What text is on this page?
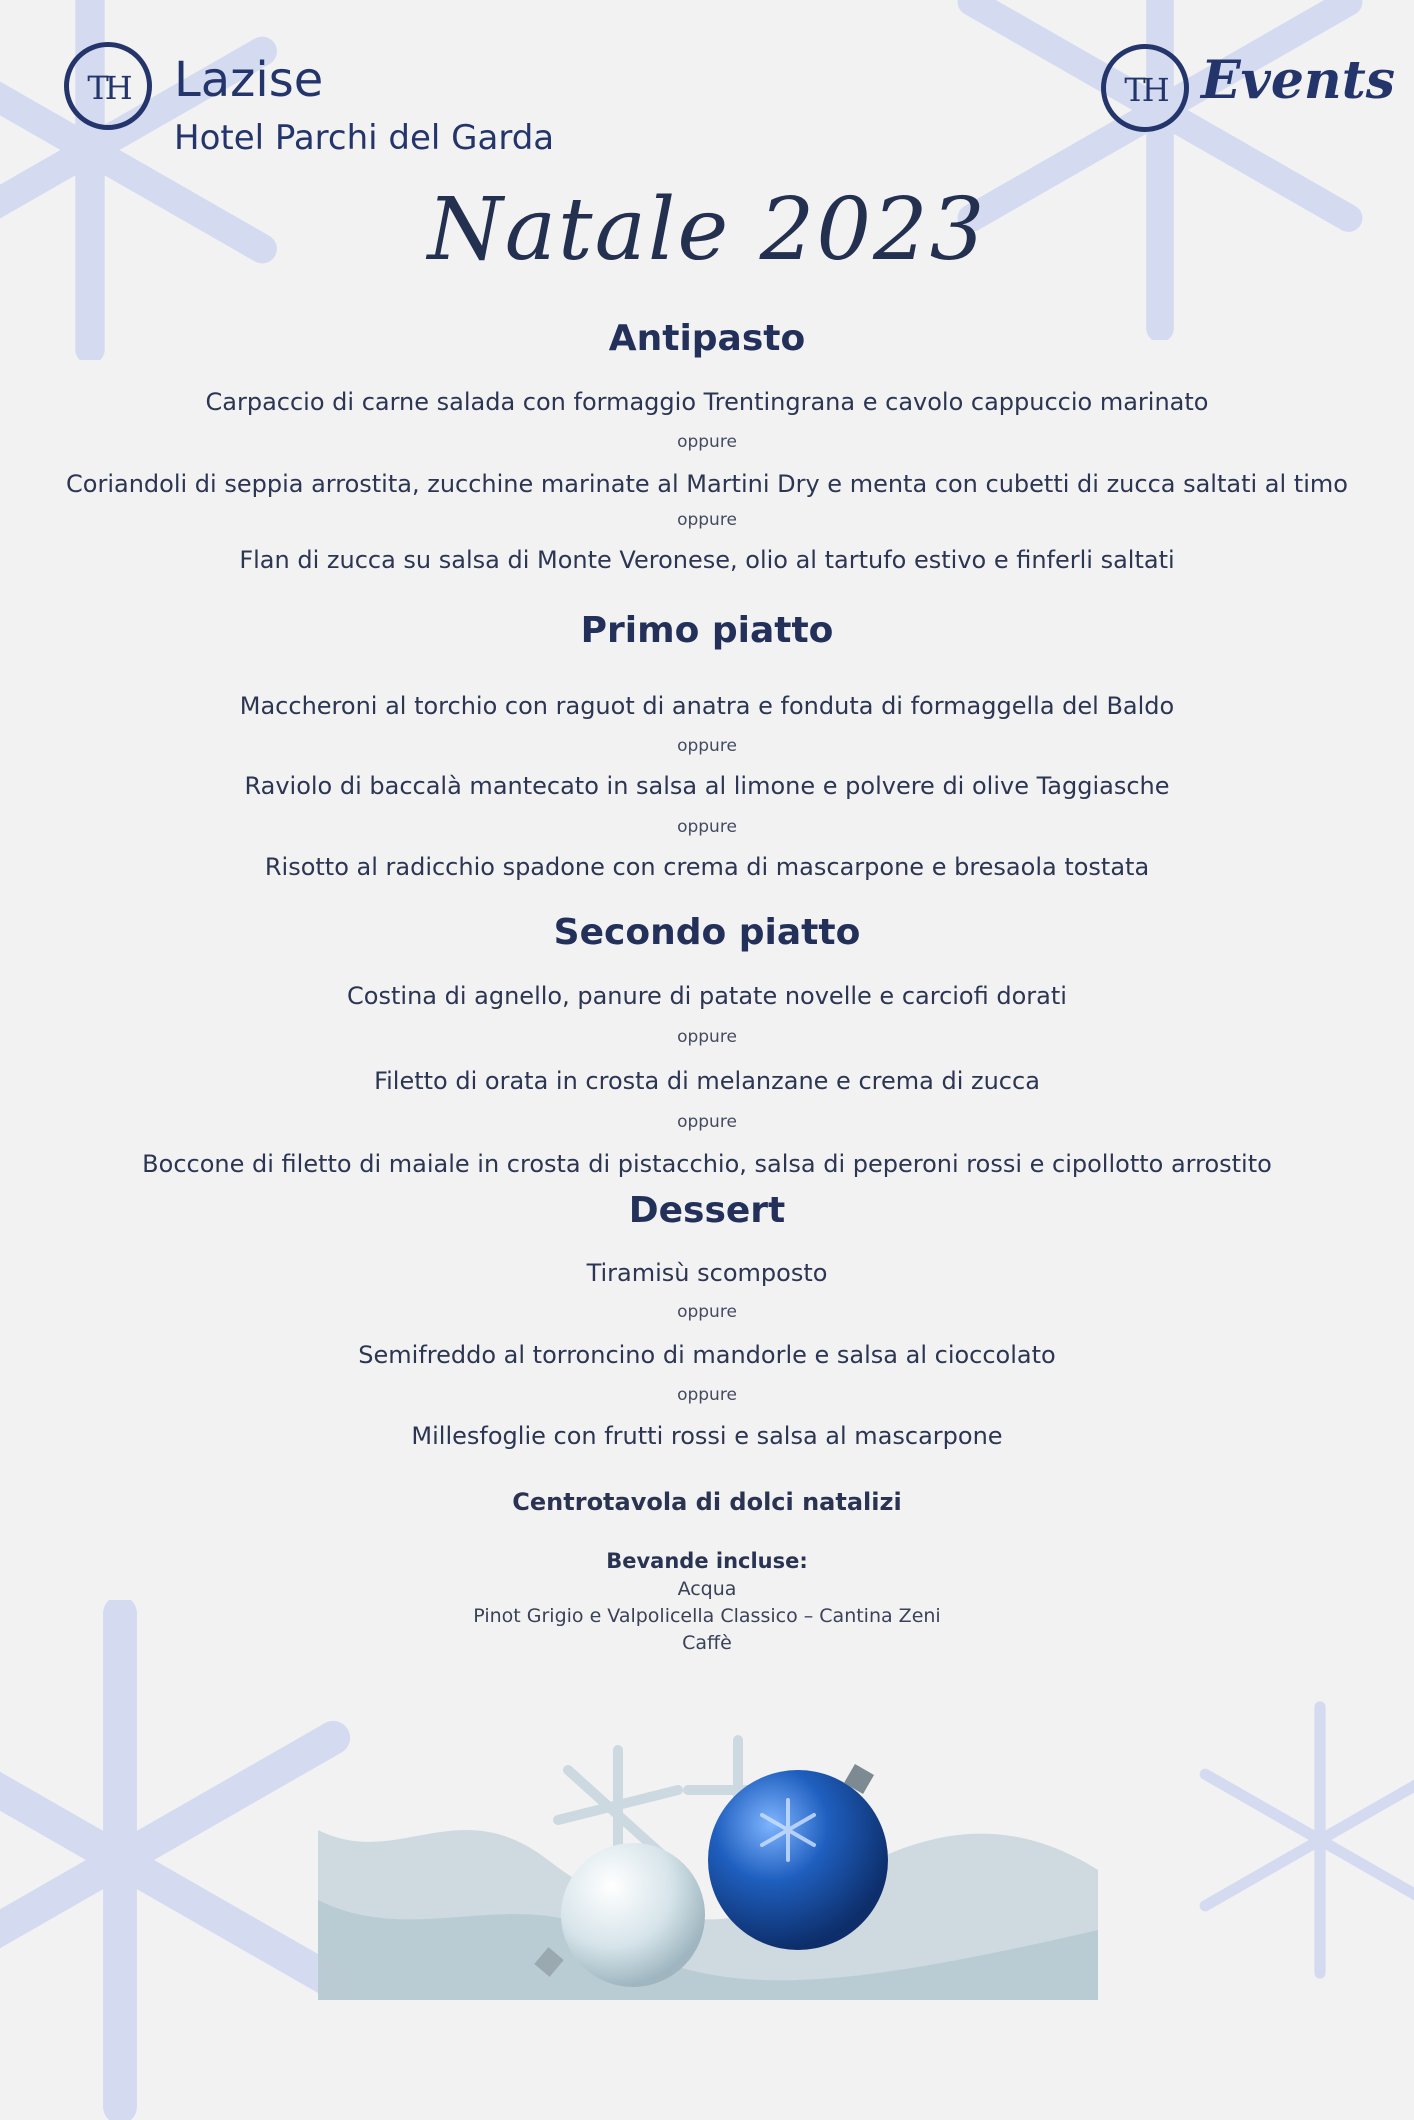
TH Lazise
Hotel Parchi del Garda
TH Events
Natale 2023
Antipasto
Carpaccio di carne salada con formaggio Trentingrana e cavolo cappuccio marinato
oppure
Coriandoli di seppia arrostita, zucchine marinate al Martini Dry e menta con cubetti di zucca saltati al timo
oppure
Flan di zucca su salsa di Monte Veronese, olio al tartufo estivo e finferli saltati
Primo piatto
Maccheroni al torchio con raguot di anatra e fonduta di formaggella del Baldo
oppure
Raviolo di baccalà mantecato in salsa al limone e polvere di olive Taggiasche
oppure
Risotto al radicchio spadone con crema di mascarpone e bresaola tostata
Secondo piatto
Costina di agnello, panure di patate novelle e carciofi dorati
oppure
Filetto di orata in crosta di melanzane e crema di zucca
oppure
Boccone di filetto di maiale in crosta di pistacchio, salsa di peperoni rossi e cipollotto arrostito
Dessert
Tiramisù scomposto
oppure
Semifreddo al torroncino di mandorle e salsa al cioccolato
oppure
Millesfoglie con frutti rossi e salsa al mascarpone
Centrotavola di dolci natalizi
Bevande incluse:
Acqua
Pinot Grigio e Valpolicella Classico – Cantina Zeni
Caffè
